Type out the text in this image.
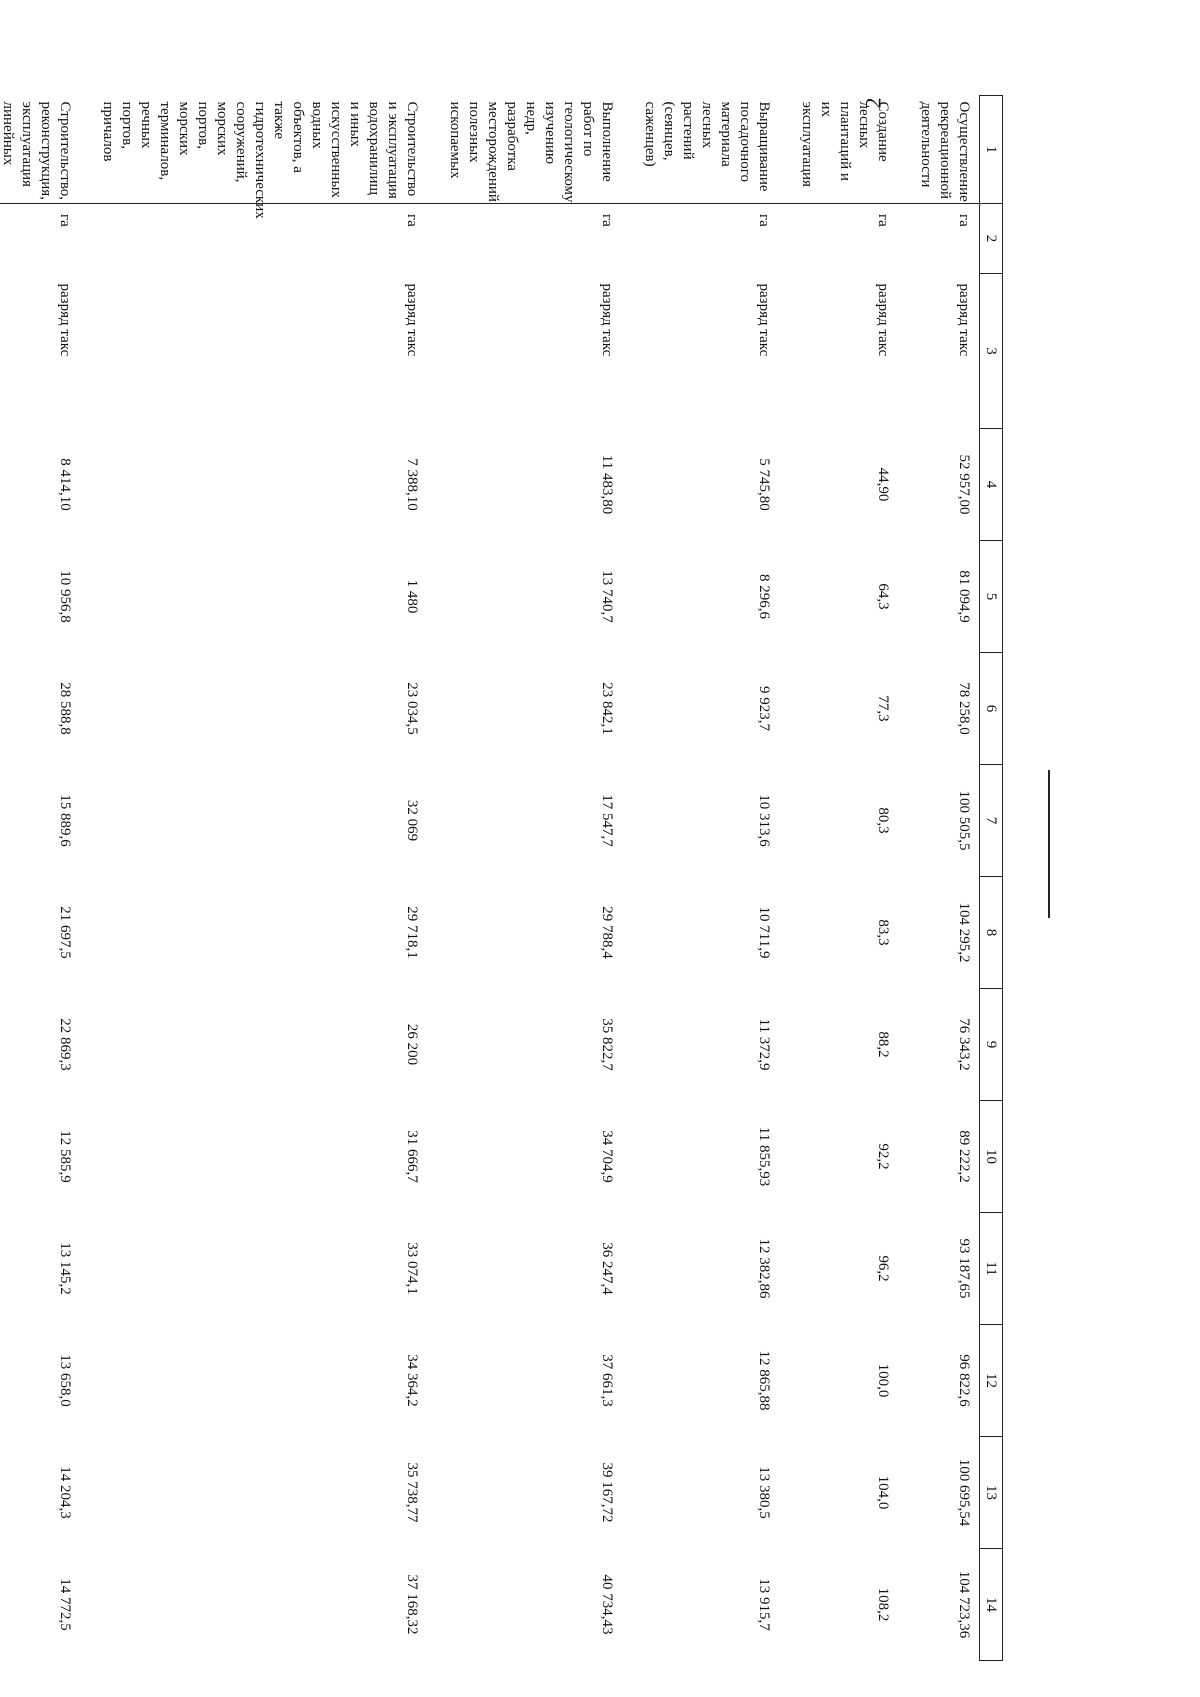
2
1	2	3	4	5	6	7	8	9	10	11	12	13	14
Осуществление рекреационной деятельности	га	разряд такс	52 957,00	81 094,9	78 258,0	100 505,5	104 295,2	76 343,2	89 222,2	93 187,65	96 822,6	100 695,54	104 723,36
Создание лесных плантаций и их эксплуатация	га	разряд такс	44,90	64,3	77,3	80,3	83,3	88,2	92,2	96,2	100,0	104,0	108,2
Выращивание посадочного материала лесных растений (сеянцев, саженцев)	га	разряд такс	5 745,80	8 296,6	9 923,7	10 313,6	10 711,9	11 372,9	11 855,93	12 382,86	12 865,88	13 380,5	13 915,7
Выполнение работ по геологическому изучению недр, разработка месторождений полезных ископаемых	га	разряд такс	11 483,80	13 740,7	23 842,1	17 547,7	29 788,4	35 822,7	34 704,9	36 247,4	37 661,3	39 167,72	40 734,43
Строительство и эксплуатация водохранилищ и иных искусственных водных объектов, а также гидротехнических сооружений, морских портов, морских терминалов, речных портов, причалов	га	разряд такс	7 388,10	1 480	23 034,5	32 069	29 718,1	26 200	31 666,7	33 074,1	34 364,2	35 738,77	37 168,32
Строительство, реконструкция, эксплуатация линейных	га	разряд такс	8 414,10	10 956,8	28 588,8	15 889,6	21 697,5	22 869,3	12 585,9	13 145,2	13 658,0	14 204,3	14 772,5
